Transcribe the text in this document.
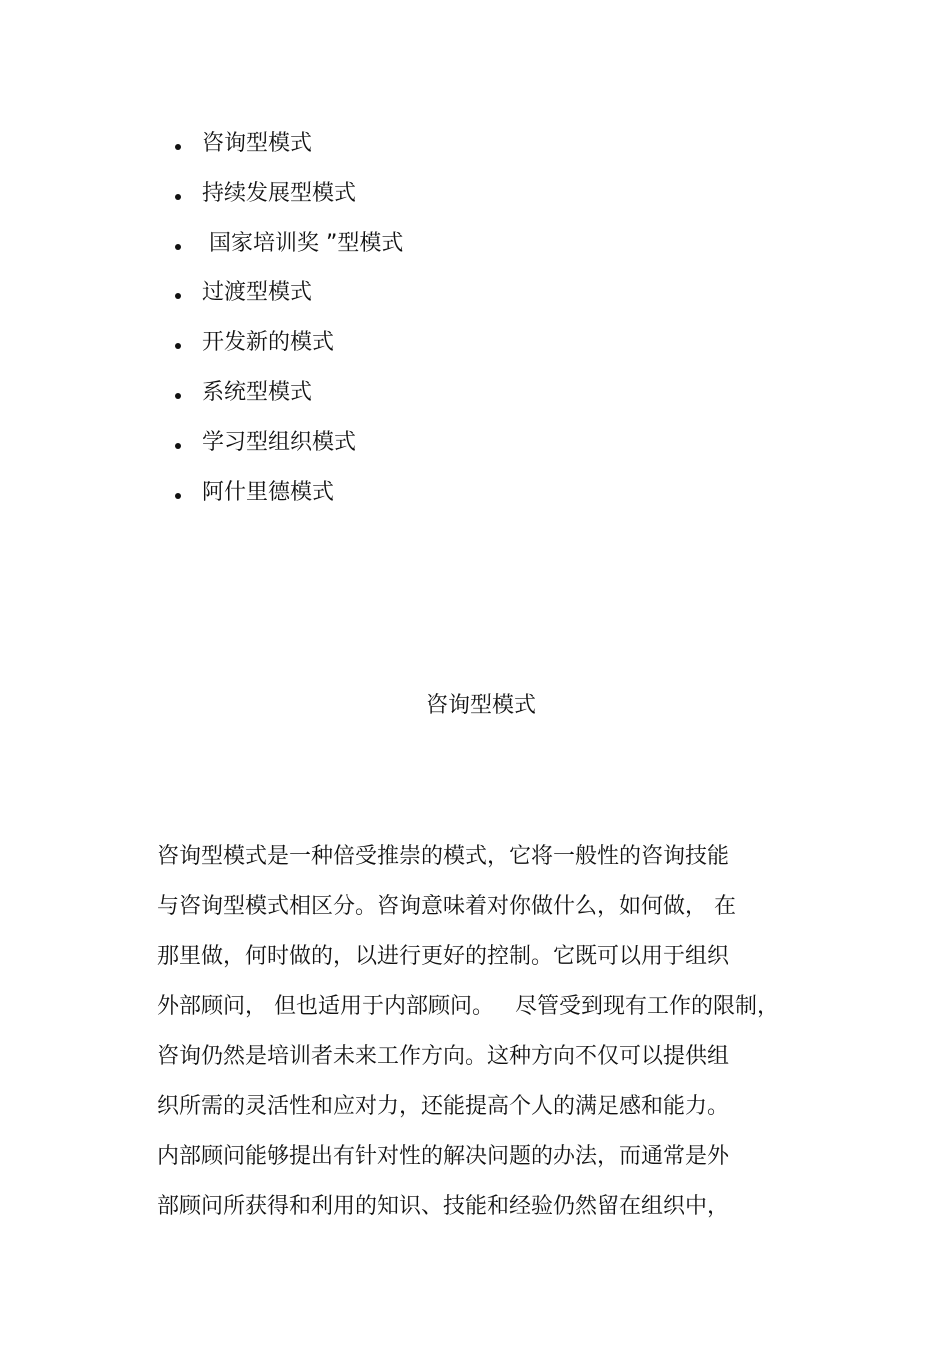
咨询型模式
持续发展型模式
国家培训奖 ”型模式
过渡型模式
开发新的模式
系统型模式
学习型组织模式
阿什里德模式
咨询型模式
咨询型模式是一种倍受推崇的模式，它将一般性的咨询技能
与咨询型模式相区分。咨询意味着对你做什么，如何做， 在
那里做，何时做的，以进行更好的控制。它既可以用于组织
外部顾问， 但也适用于内部顾问。   尽管受到现有工作的限制，
咨询仍然是培训者未来工作方向。这种方向不仅可以提供组
织所需的灵活性和应对力，还能提高个人的满足感和能力。
内部顾问能够提出有针对性的解决问题的办法，而通常是外
部顾问所获得和利用的知识、技能和经验仍然留在组织中，
